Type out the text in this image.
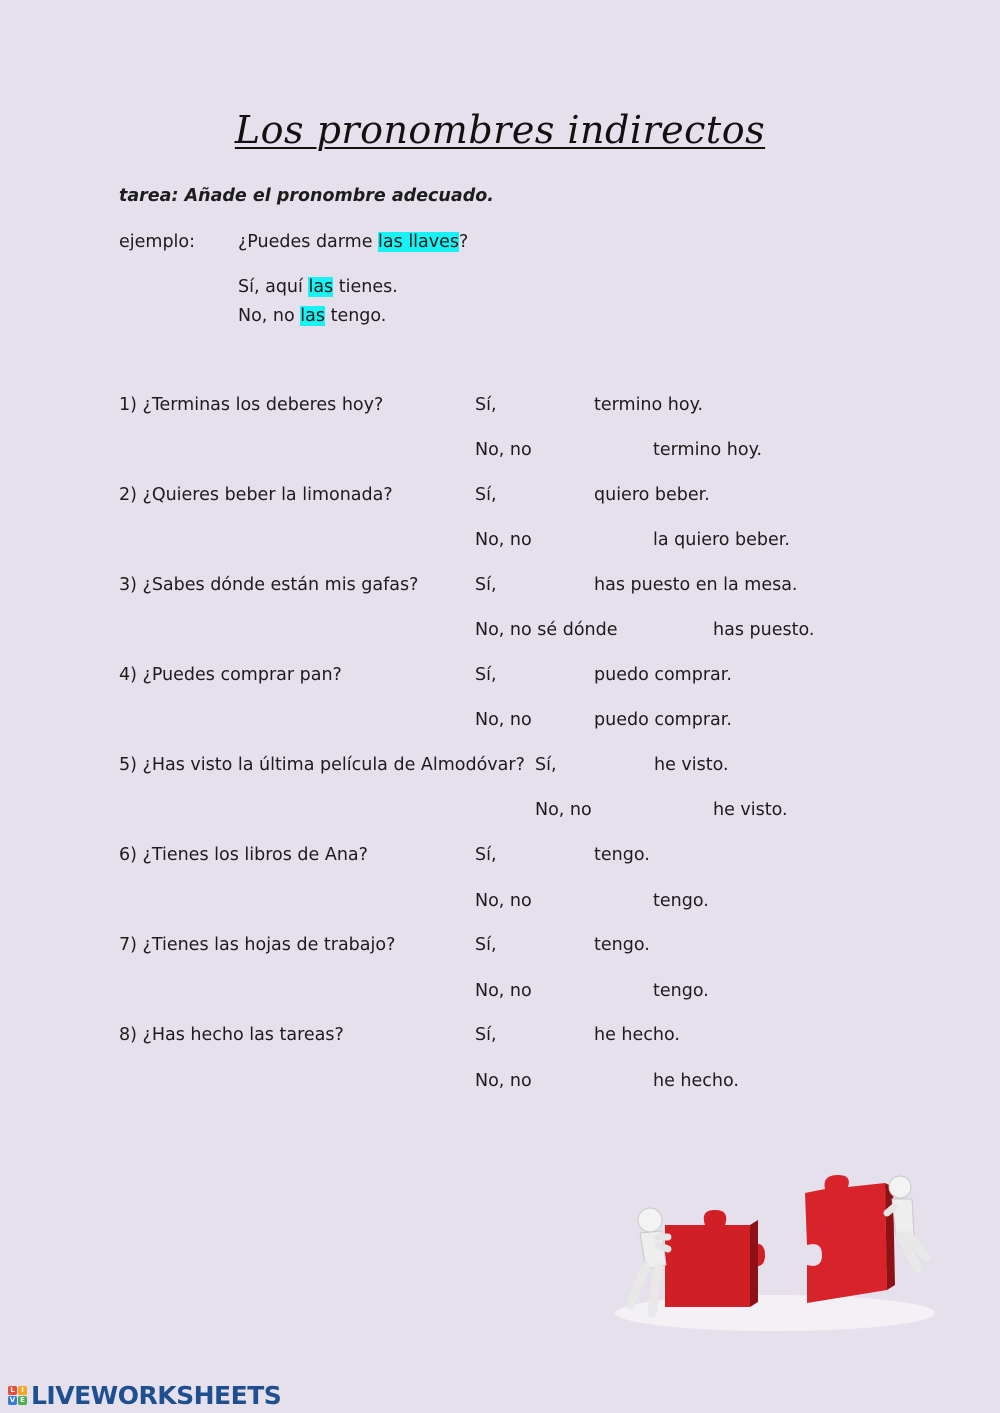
Los pronombres indirectos
tarea: Añade el pronombre adecuado.
ejemplo: ¿Puedes darme las llaves?
Sí, aquí las tienes.
No, no las tengo.
1) ¿Terminas los deberes hoy?	Sí,	termino hoy.
No, no	termino hoy.
2) ¿Quieres beber la limonada?	Sí,	quiero beber.
No, no	la quiero beber.
3) ¿Sabes dónde están mis gafas?	Sí,	has puesto en la mesa.
No, no sé dónde	has puesto.
4) ¿Puedes comprar pan?	Sí,	puedo comprar.
No, no	puedo comprar.
5) ¿Has visto la última película de Almodóvar? Sí,	he visto.
No, no	he visto.
6) ¿Tienes los libros de Ana?	Sí,	tengo.
No, no	tengo.
7) ¿Tienes las hojas de trabajo?	Sí,	tengo.
No, no	tengo.
8) ¿Has hecho las tareas?	Sí,	he hecho.
No, no	he hecho.
L I
V E LIVEWORKSHEETS
